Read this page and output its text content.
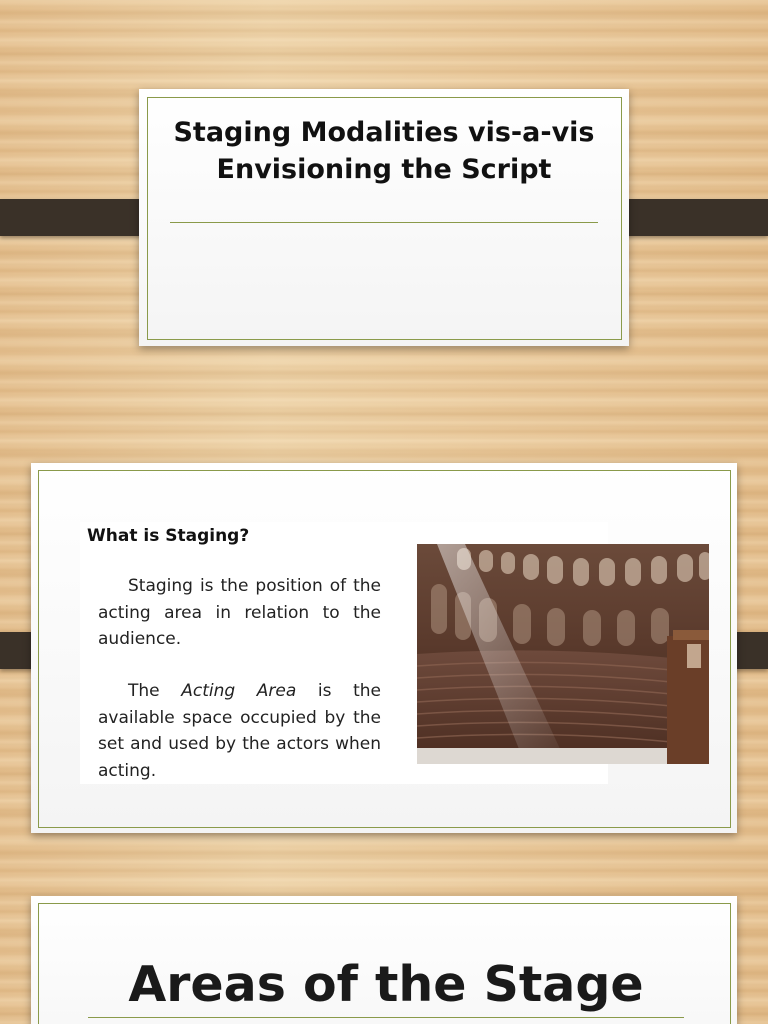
Staging Modalities vis-a-vis Envisioning the Script

What is Staging?

Staging is the position of the acting area in relation to the audience.

The Acting Area is the available space occupied by the set and used by the actors when acting.

Areas of the Stage
